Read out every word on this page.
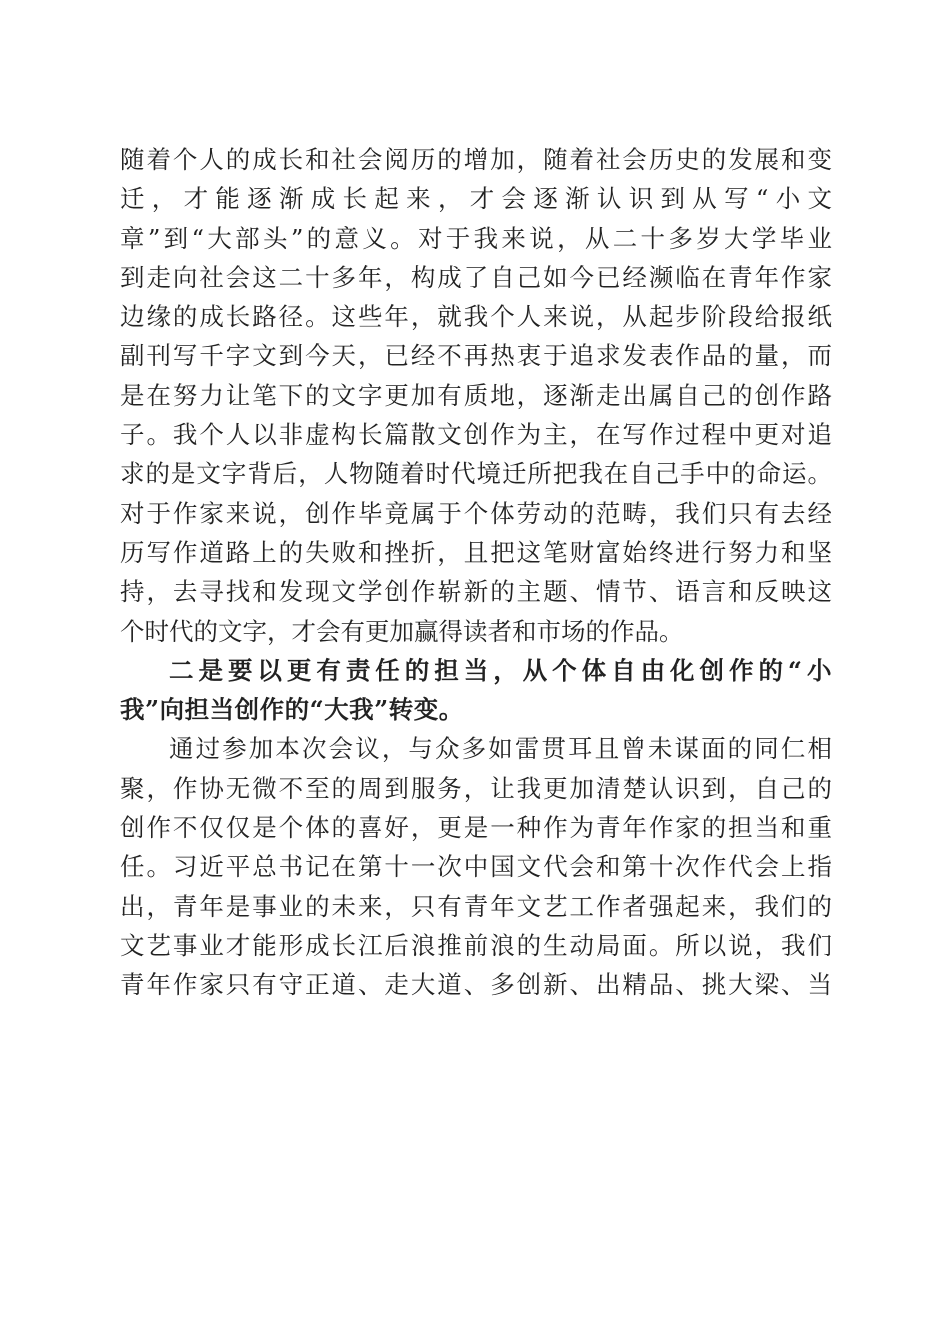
随着个人的成长和社会阅历的增加，随着社会历史的发展和变
迁，才能逐渐成长起来，才会逐渐认识到从写“小文
章”到“大部头”的意义。对于我来说，从二十多岁大学毕业
到走向社会这二十多年，构成了自己如今已经濒临在青年作家
边缘的成长路径。这些年，就我个人来说，从起步阶段给报纸
副刊写千字文到今天，已经不再热衷于追求发表作品的量，而
是在努力让笔下的文字更加有质地，逐渐走出属自己的创作路
子。我个人以非虚构长篇散文创作为主，在写作过程中更对追
求的是文字背后，人物随着时代境迁所把我在自己手中的命运。
对于作家来说，创作毕竟属于个体劳动的范畴，我们只有去经
历写作道路上的失败和挫折，且把这笔财富始终进行努力和坚
持，去寻找和发现文学创作崭新的主题、情节、语言和反映这
个时代的文字，才会有更加赢得读者和市场的作品。
二是要以更有责任的担当，从个体自由化创作的“小
我”向担当创作的“大我”转变。
通过参加本次会议，与众多如雷贯耳且曾未谋面的同仁相
聚，作协无微不至的周到服务，让我更加清楚认识到，自己的
创作不仅仅是个体的喜好，更是一种作为青年作家的担当和重
任。习近平总书记在第十一次中国文代会和第十次作代会上指
出，青年是事业的未来，只有青年文艺工作者强起来，我们的
文艺事业才能形成长江后浪推前浪的生动局面。所以说，我们
青年作家只有守正道、走大道、多创新、出精品、挑大梁、当
